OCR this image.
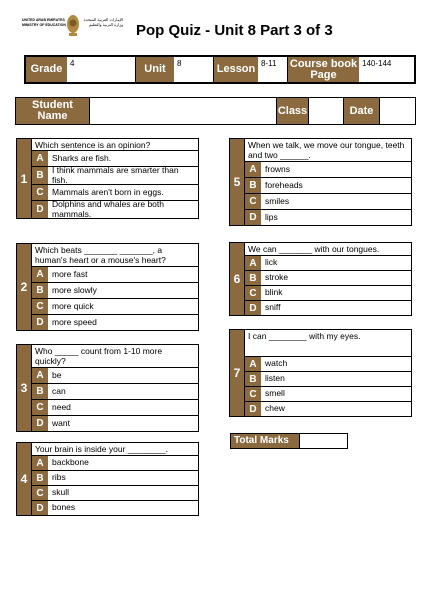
UNITED ARAB EMIRATES
MINISTRY OF EDUCATION
الإمارات العربية المتحدة
وزارة التربية والتعليم	Pop Quiz - Unit 8 Part 3 of 3
Grade 4	Unit	8	Lesson 8-11	Course book Page
140-144
Student Name	Class	Date
1
Which sentence is an opinion?
A Sharks are fish.
B I think mammals are smarter than fish.
C Mammals aren't born in eggs.
D Dolphins and whales are both mammals.
2
Which beats _______ _______, a human's heart or a mouse's heart?
A more fast
B more slowly
C more quick
D more speed
3
Who _____ count from 1-10 more quickly?
A be
B can
C need
D want
4
Your brain is inside your ________.
A backbone
B ribs
C skull
D bones
5
When we talk, we move our tongue, teeth and two ______.
A frowns
B foreheads
C smiles
D lips
6
We can _______ with our tongues.
A lick
B stroke
C blink
D sniff
7
I can ________ with my eyes.
A watch
B listen
C smell
D chew
Total Marks
